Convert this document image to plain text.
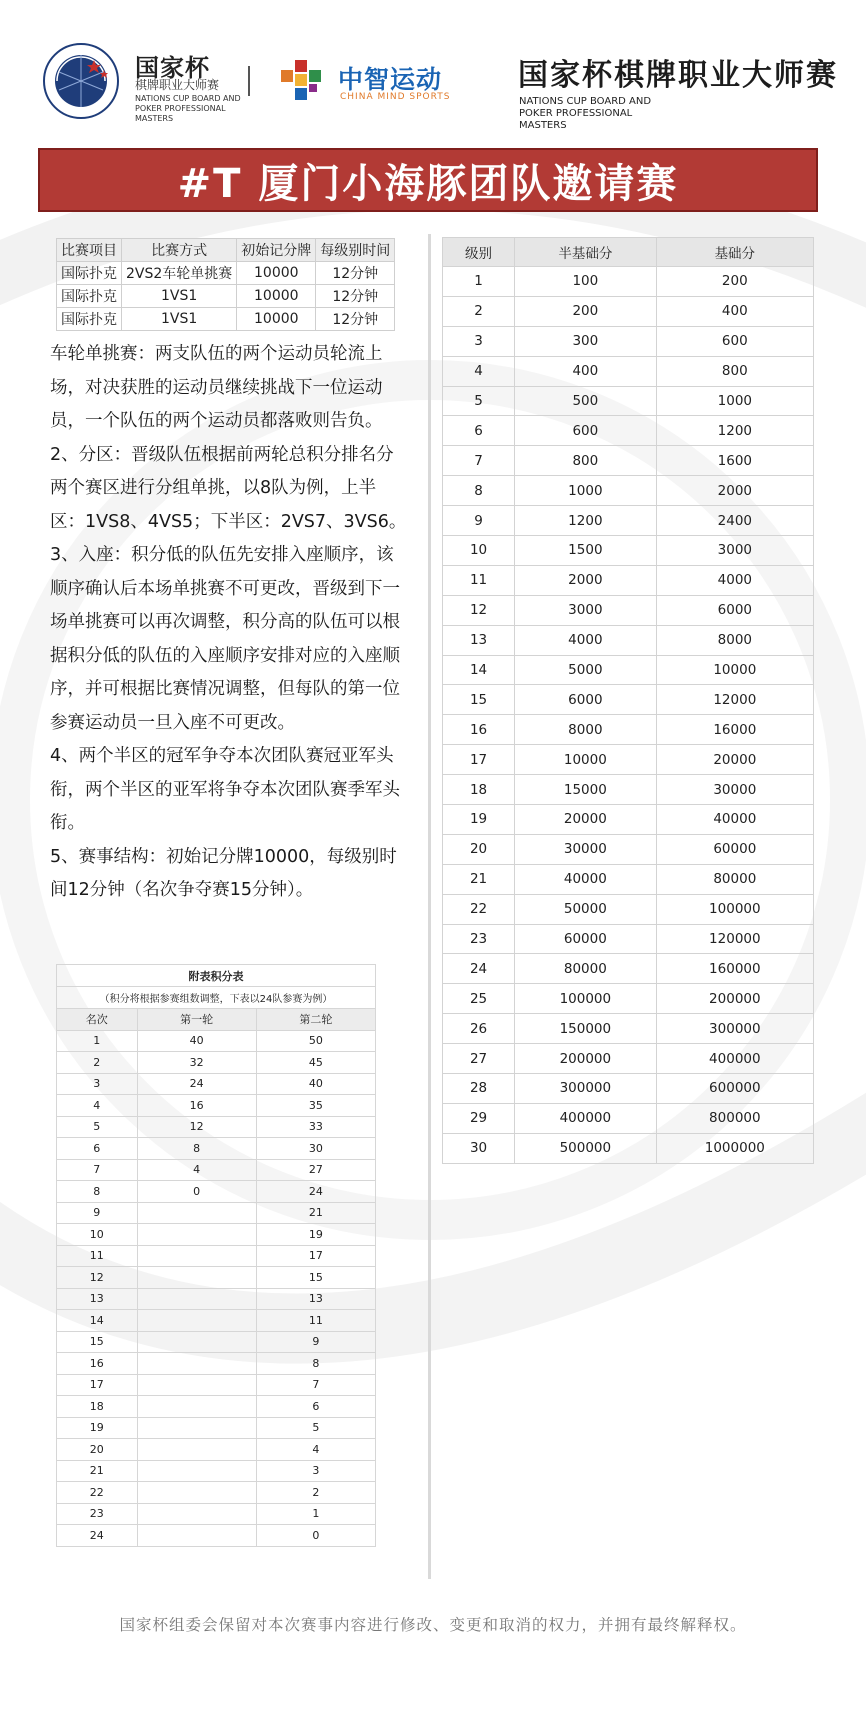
国家杯
棋牌职业大师赛
NATIONS CUP BOARD AND POKER PROFESSIONAL MASTERS
中智运动
CHINA MIND SPORTS
国家杯棋牌职业大师赛
NATIONS CUP BOARD AND POKER PROFESSIONAL MASTERS
#T 厦门小海豚团队邀请赛
比赛项目	比赛方式	初始记分牌	每级别时间
国际扑克	2VS2车轮单挑赛	10000	12分钟
国际扑克	1VS1	10000	12分钟
国际扑克	1VS1	10000	12分钟

车轮单挑赛：两支队伍的两个运动员轮流上场，对决获胜的运动员继续挑战下一位运动员，一个队伍的两个运动员都落败则告负。

2、分区：晋级队伍根据前两轮总积分排名分两个赛区进行分组单挑，以8队为例，上半区：1VS8、4VS5；下半区：2VS7、3VS6。

3、入座：积分低的队伍先安排入座顺序，该顺序确认后本场单挑赛不可更改，晋级到下一场单挑赛可以再次调整，积分高的队伍可以根据积分低的队伍的入座顺序安排对应的入座顺序，并可根据比赛情况调整，但每队的第一位参赛运动员一旦入座不可更改。

4、两个半区的冠军争夺本次团队赛冠亚军头衔，两个半区的亚军将争夺本次团队赛季军头衔。

5、赛事结构：初始记分牌10000，每级别时间12分钟（名次争夺赛15分钟）。

附表积分表		
（积分将根据参赛组数调整，下表以24队参赛为例）		
名次	第一轮	第二轮
1	40	50
2	32	45
3	24	40
4	16	35
5	12	33
6	8	30
7	4	27
8	0	24
9		21
10		19
11		17
12		15
13		13
14		11
15		9
16		8
17		7
18		6
19		5
20		4
21		3
22		2
23		1
24		0
级别	半基础分	基础分
1	100	200
2	200	400
3	300	600
4	400	800
5	500	1000
6	600	1200
7	800	1600
8	1000	2000
9	1200	2400
10	1500	3000
11	2000	4000
12	3000	6000
13	4000	8000
14	5000	10000
15	6000	12000
16	8000	16000
17	10000	20000
18	15000	30000
19	20000	40000
20	30000	60000
21	40000	80000
22	50000	100000
23	60000	120000
24	80000	160000
25	100000	200000
26	150000	300000
27	200000	400000
28	300000	600000
29	400000	800000
30	500000	1000000
国家杯组委会保留对本次赛事内容进行修改、变更和取消的权力，并拥有最终解释权。
